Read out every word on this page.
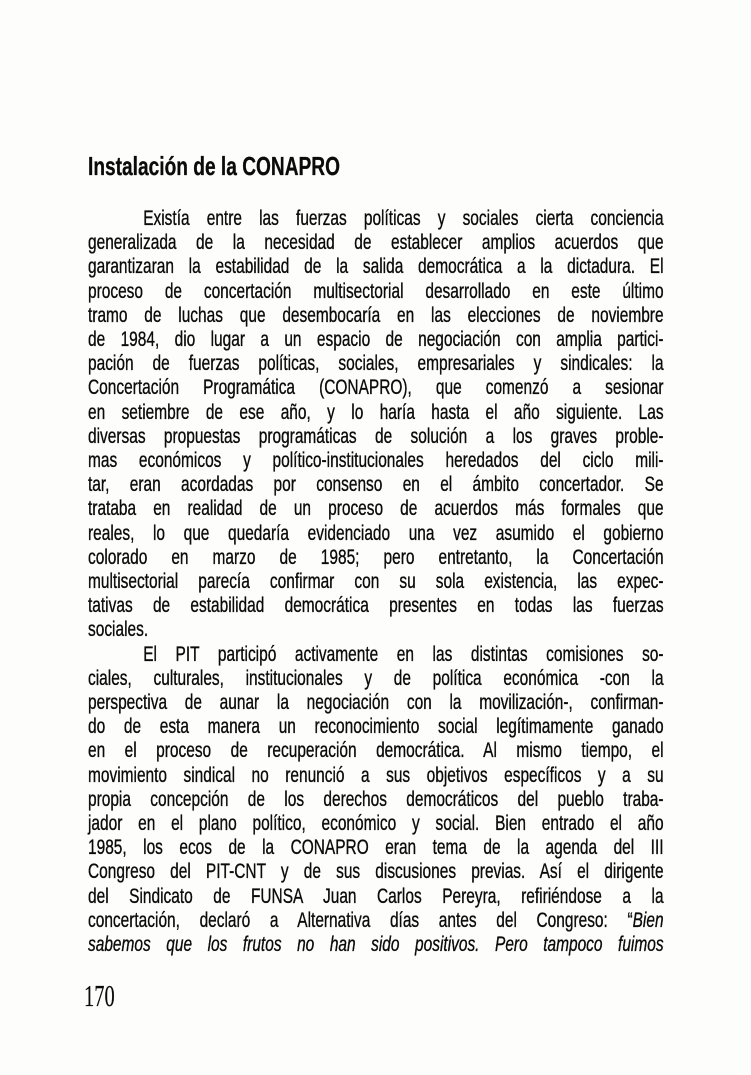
Instalación de la CONAPRO
Existía entre las fuerzas políticas y sociales cierta conciencia
generalizada de la necesidad de establecer amplios acuerdos que
garantizaran la estabilidad de la salida democrática a la dictadura. El
proceso de concertación multisectorial desarrollado en este último
tramo de luchas que desembocaría en las elecciones de noviembre
de 1984, dio lugar a un espacio de negociación con amplia partici-
pación de fuerzas políticas, sociales, empresariales y sindicales: la
Concertación Programática (CONAPRO), que comenzó a sesionar
en setiembre de ese año, y lo haría hasta el año siguiente. Las
diversas propuestas programáticas de solución a los graves proble-
mas económicos y político-institucionales heredados del ciclo mili-
tar, eran acordadas por consenso en el ámbito concertador. Se
trataba en realidad de un proceso de acuerdos más formales que
reales, lo que quedaría evidenciado una vez asumido el gobierno
colorado en marzo de 1985; pero entretanto, la Concertación
multisectorial parecía confirmar con su sola existencia, las expec-
tativas de estabilidad democrática presentes en todas las fuerzas
sociales.
El PIT participó activamente en las distintas comisiones so-
ciales, culturales, institucionales y de política económica -con la
perspectiva de aunar la negociación con la movilización-, confirman-
do de esta manera un reconocimiento social legítimamente ganado
en el proceso de recuperación democrática. Al mismo tiempo, el
movimiento sindical no renunció a sus objetivos específicos y a su
propia concepción de los derechos democráticos del pueblo traba-
jador en el plano político, económico y social. Bien entrado el año
1985, los ecos de la CONAPRO eran tema de la agenda del III
Congreso del PIT-CNT y de sus discusiones previas. Así el dirigente
del Sindicato de FUNSA Juan Carlos Pereyra, refiriéndose a la
concertación, declaró a Alternativa días antes del Congreso: “Bien
sabemos que los frutos no han sido positivos. Pero tampoco fuimos
170
